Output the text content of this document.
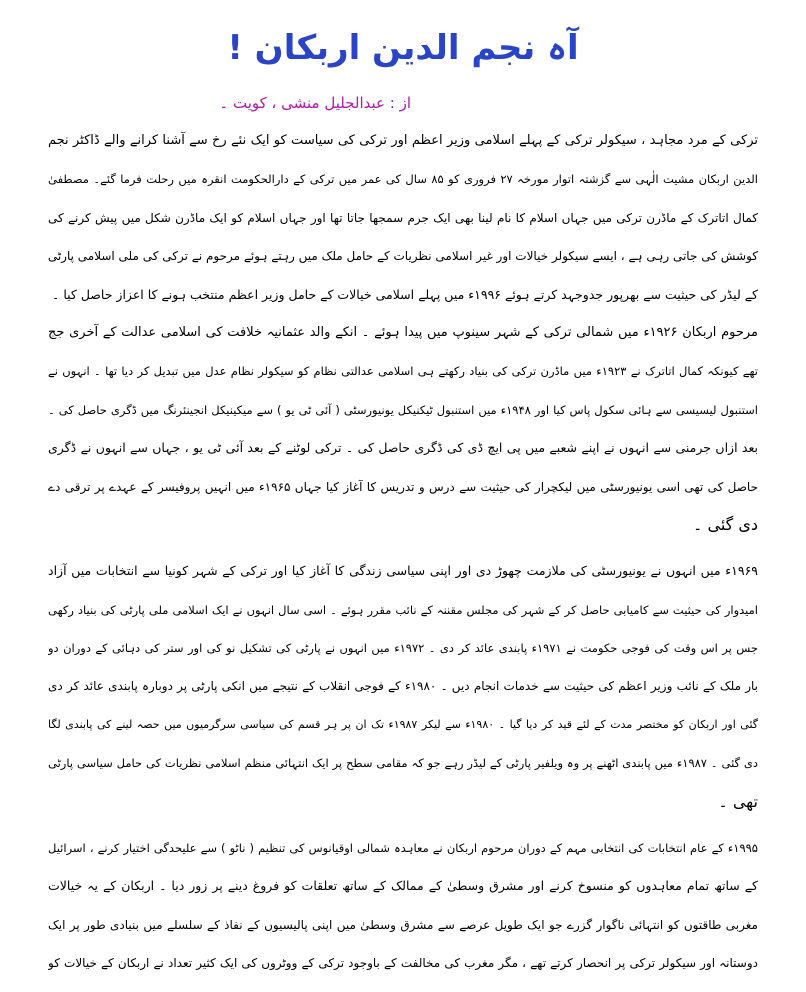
آہ نجم الدین اربکان !
از : عبدالجلیل منشی ، کویت ۔
ترکی کے مرد مجاہد ، سیکولر ترکی کے پہلے اسلامی وزیر اعظم اور ترکی کی سیاست کو ایک نئے رخ سے آشنا کرانے والے ڈاکٹر نجم
الدین اربکان مشیت الٰہی سے گزشتہ اتوار مورخہ ۲۷ فروری کو ۸۵ سال کی عمر میں ترکی کے دارالحکومت انقرہ میں رحلت فرما گئے۔ مصطفیٰ
کمال اتاترک کے ماڈرن ترکی میں جہاں اسلام کا نام لینا بھی ایک جرم سمجھا جاتا تھا اور جہاں اسلام کو ایک ماڈرن شکل میں پیش کرنے کی
کوشش کی جاتی رہی ہے ، ایسے سیکولر خیالات اور غیر اسلامی نظریات کے حامل ملک میں رہتے ہوئے مرحوم نے ترکی کی ملی اسلامی پارٹی
کے لیڈر کی حیثیت سے بھرپور جدوجہد کرتے ہوئے ۱۹۹۶ء میں پہلے اسلامی خیالات کے حامل وزیر اعظم منتخب ہونے کا اعزاز حاصل کیا ۔
مرحوم اربکان ۱۹۲۶ء میں شمالی ترکی کے شہر سینوپ میں پیدا ہوئے ۔ انکے والد عثمانیہ خلافت کی اسلامی عدالت کے آخری جج
تھے کیونکہ کمال اتاترک نے ۱۹۲۳ء میں ماڈرن ترکی کی بنیاد رکھتے ہی اسلامی عدالتی نظام کو سیکولر نظام عدل میں تبدیل کر دیا تھا ۔ انہوں نے
استنبول لیسیسی سے ہائی سکول پاس کیا اور ۱۹۴۸ء میں استنبول ٹیکنیکل یونیورسٹی ( آئی ٹی یو ) سے میکینیکل انجینئرنگ میں ڈگری حاصل کی ۔
بعد ازاں جرمنی سے انہوں نے اپنے شعبے میں پی ایچ ڈی کی ڈگری حاصل کی ۔ ترکی لوٹنے کے بعد آئی ٹی یو ، جہاں سے انہوں نے ڈگری
حاصل کی تھی اسی یونیورسٹی میں لیکچرار کی حیثیت سے درس و تدریس کا آغاز کیا جہاں ۱۹۶۵ء میں انہیں پروفیسر کے عہدے پر ترقی دے
دی گئی ۔
۱۹۶۹ء میں انہوں نے یونیورسٹی کی ملازمت چھوڑ دی اور اپنی سیاسی زندگی کا آغاز کیا اور ترکی کے شہر کونیا سے انتخابات میں آزاد
امیدوار کی حیثیت سے کامیابی حاصل کر کے شہر کی مجلس مقننہ کے نائب مقرر ہوئے ۔ اسی سال انہوں نے ایک اسلامی ملی پارٹی کی بنیاد رکھی
جس پر اس وقت کی فوجی حکومت نے ۱۹۷۱ء پابندی عائد کر دی ۔ ۱۹۷۲ء میں انہوں نے پارٹی کی تشکیل نو کی اور ستر کی دہائی کے دوران دو
بار ملک کے نائب وزیر اعظم کی حیثیت سے خدمات انجام دیں ۔ ۱۹۸۰ء کے فوجی انقلاب کے نتیجے میں انکی پارٹی پر دوبارہ پابندی عائد کر دی
گئی اور اربکان کو مختصر مدت کے لئے قید کر دیا گیا ۔ ۱۹۸۰ء سے لیکر ۱۹۸۷ء تک ان پر ہر قسم کی سیاسی سرگرمیوں میں حصہ لینے کی پابندی لگا
دی گئی ۔ ۱۹۸۷ء میں پابندی اٹھنے پر وہ ویلفیر پارٹی کے لیڈر رہے جو کہ مقامی سطح پر ایک انتہائی منظم اسلامی نظریات کی حامل سیاسی پارٹی
تھی ۔
۱۹۹۵ء کے عام انتخابات کی انتخابی مہم کے دوران مرحوم اربکان نے معاہدہ شمالی اوقیانوس کی تنظیم ( ناٹو ) سے علیحدگی اختیار کرنے ، اسرائیل
کے ساتھ تمام معاہدوں کو منسوخ کرنے اور مشرق وسطیٰ کے ممالک کے ساتھ تعلقات کو فروغ دینے پر زور دیا ۔ اربکان کے یہ خیالات
مغربی طاقتوں کو انتہائی ناگوار گزرے جو ایک طویل عرصے سے مشرق وسطیٰ میں اپنی پالیسیوں کے نفاذ کے سلسلے میں بنیادی طور پر ایک
دوستانہ اور سیکولر ترکی پر انحصار کرتے تھے ، مگر مغرب کی مخالفت کے باوجود ترکی کے ووٹروں کی ایک کثیر تعداد نے اربکان کے خیالات کو
